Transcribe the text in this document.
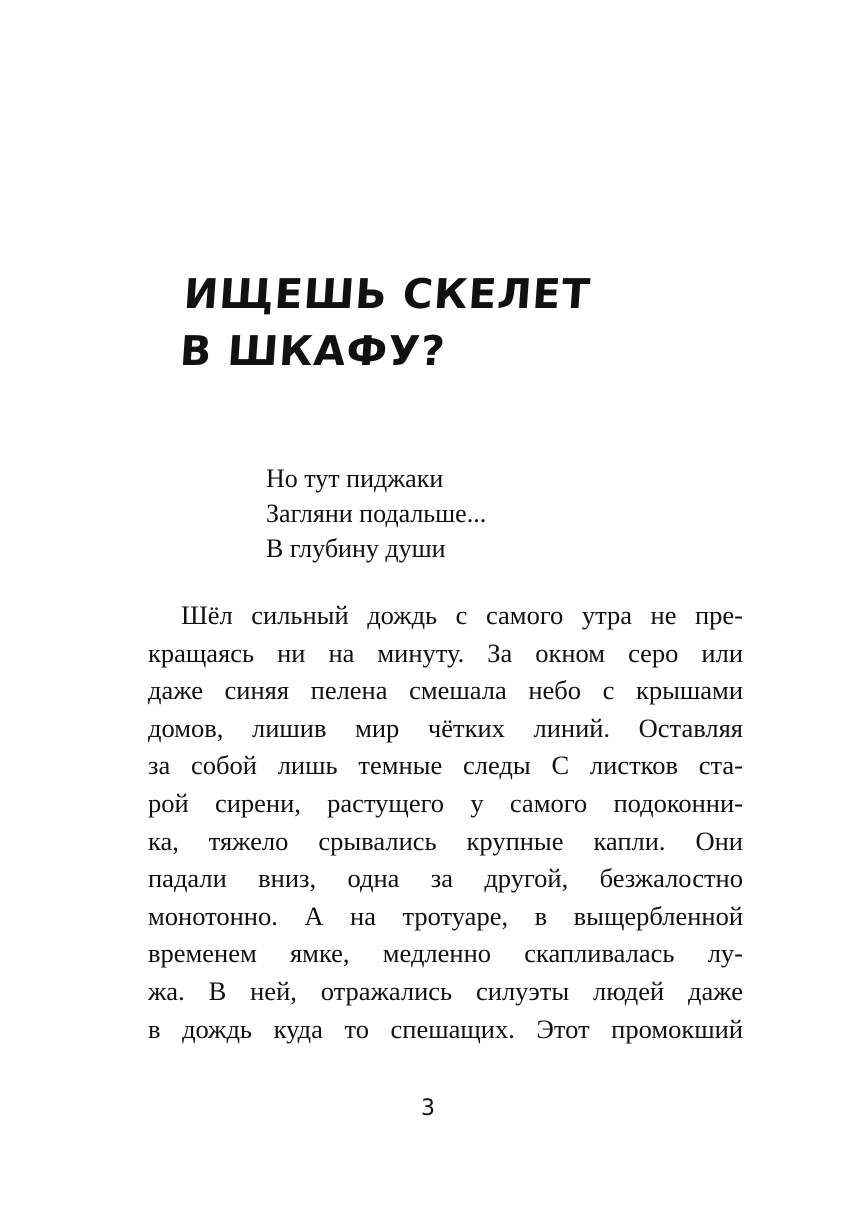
ИЩЕШЬ СКЕЛЕТ
В ШКАФУ?
Но тут пиджаки
Загляни подальше...
В глубину души
Шёл сильный дождь с самого утра не пре-
кращаясь ни на минуту. За окном серо или
даже синяя пелена смешала небо с крышами
домов, лишив мир чётких линий. Оставляя
за собой лишь темные следы С листков ста-
рой сирени, растущего у самого подоконни-
ка, тяжело срывались крупные капли. Они
падали вниз, одна за другой, безжалостно
монотонно. А на тротуаре, в выщербленной
временем ямке, медленно скапливалась лу-
жа. В ней, отражались силуэты людей даже
в дождь куда то спешащих. Этот промокший
3
